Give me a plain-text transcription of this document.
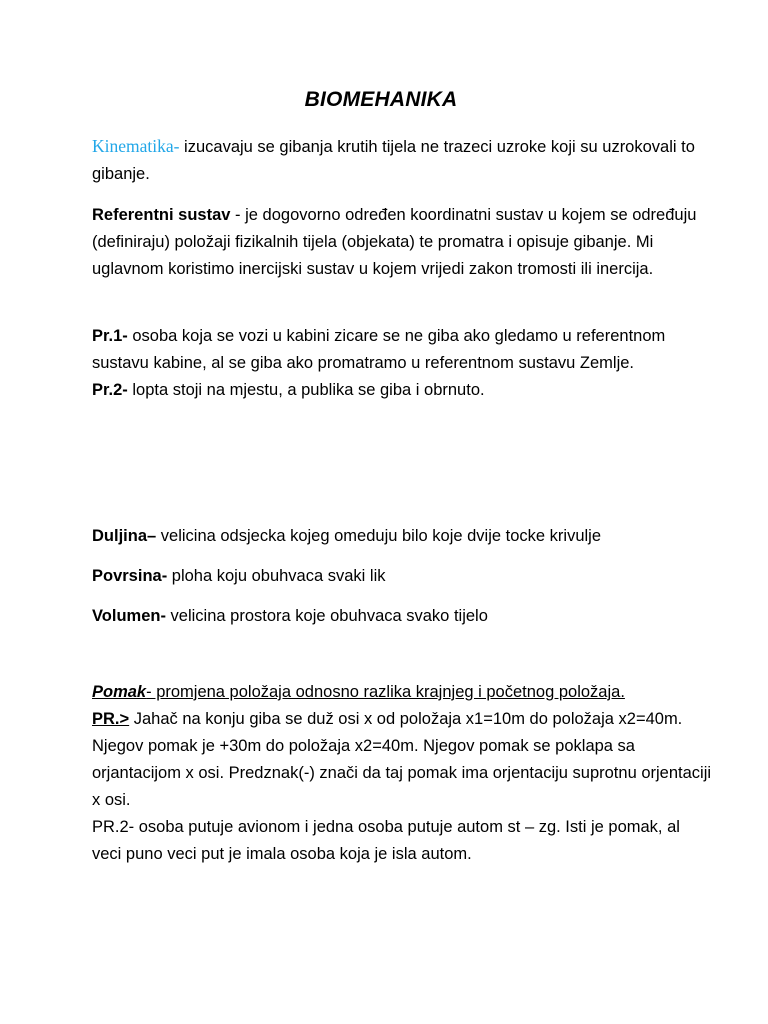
BIOMEHANIKA
Kinematika- izucavaju se gibanja krutih tijela ne trazeci uzroke koji su uzrokovali to gibanje.
Referentni sustav - je dogovorno određen koordinatni sustav u kojem se određuju (definiraju) položaji fizikalnih tijela (objekata) te promatra i opisuje gibanje. Mi uglavnom koristimo inercijski sustav u kojem vrijedi zakon tromosti ili inercija.
Pr.1- osoba koja se vozi u kabini zicare se ne giba ako gledamo u referentnom sustavu kabine, al se giba ako promatramo u referentnom sustavu Zemlje.
Pr.2- lopta stoji na mjestu, a publika se giba i obrnuto.
Duljina– velicina odsjecka kojeg omeduju bilo koje dvije tocke krivulje
Povrsina- ploha koju obuhvaca svaki lik
Volumen- velicina prostora koje obuhvaca svako tijelo
Pomak- promjena položaja odnosno razlika krajnjeg i početnog položaja.
PR.> Jahač na konju giba se duž osi x od položaja x1=10m do položaja x2=40m. Njegov pomak je +30m do položaja x2=40m. Njegov pomak se poklapa sa orjantacijom x osi. Predznak(-) znači da taj pomak ima orjentaciju suprotnu orjentaciji x osi.
PR.2- osoba putuje avionom i jedna osoba putuje autom st – zg. Isti je pomak, al veci puno veci put je imala osoba koja je isla autom.
